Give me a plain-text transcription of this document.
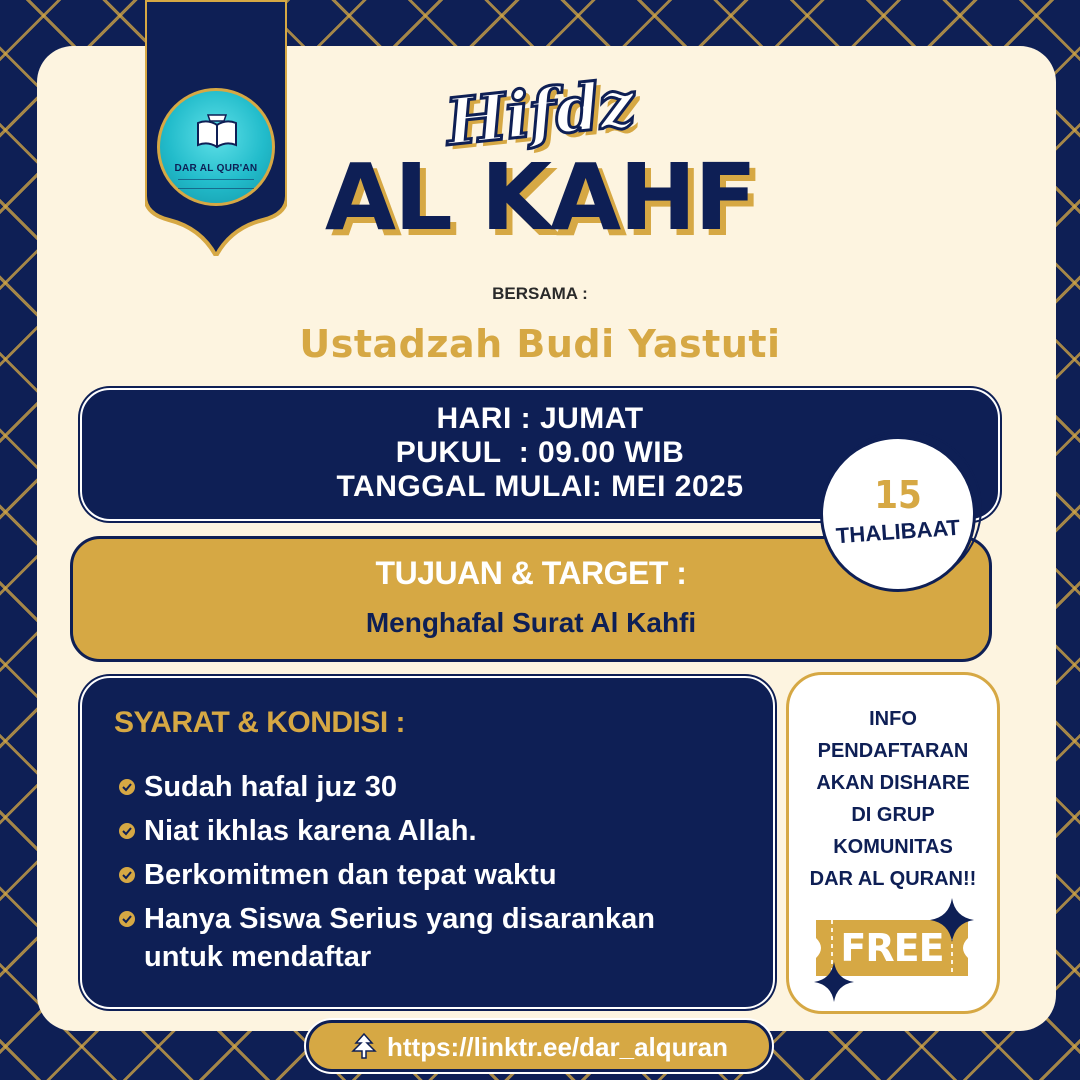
DAR AL QUR'AN
Hifdz
AL KAHF
BERSAMA :
Ustadzah Budi Yastuti
HARI : JUMAT
PUKUL  : 09.00 WIB
TANGGAL MULAI: MEI 2025	15
THALIBAAT
TUJUAN & TARGET :
Menghafal Surat Al Kahfi
SYARAT & KONDISI :
Sudah hafal juz 30
Niat ikhlas karena Allah.
Berkomitmen dan tepat waktu
Hanya Siswa Serius yang disarankan untuk mendaftar
INFO
PENDAFTARAN
AKAN DISHARE
DI GRUP
KOMUNITAS
DAR AL QURAN!!
FREE
https://linktr.ee/dar_alquran
